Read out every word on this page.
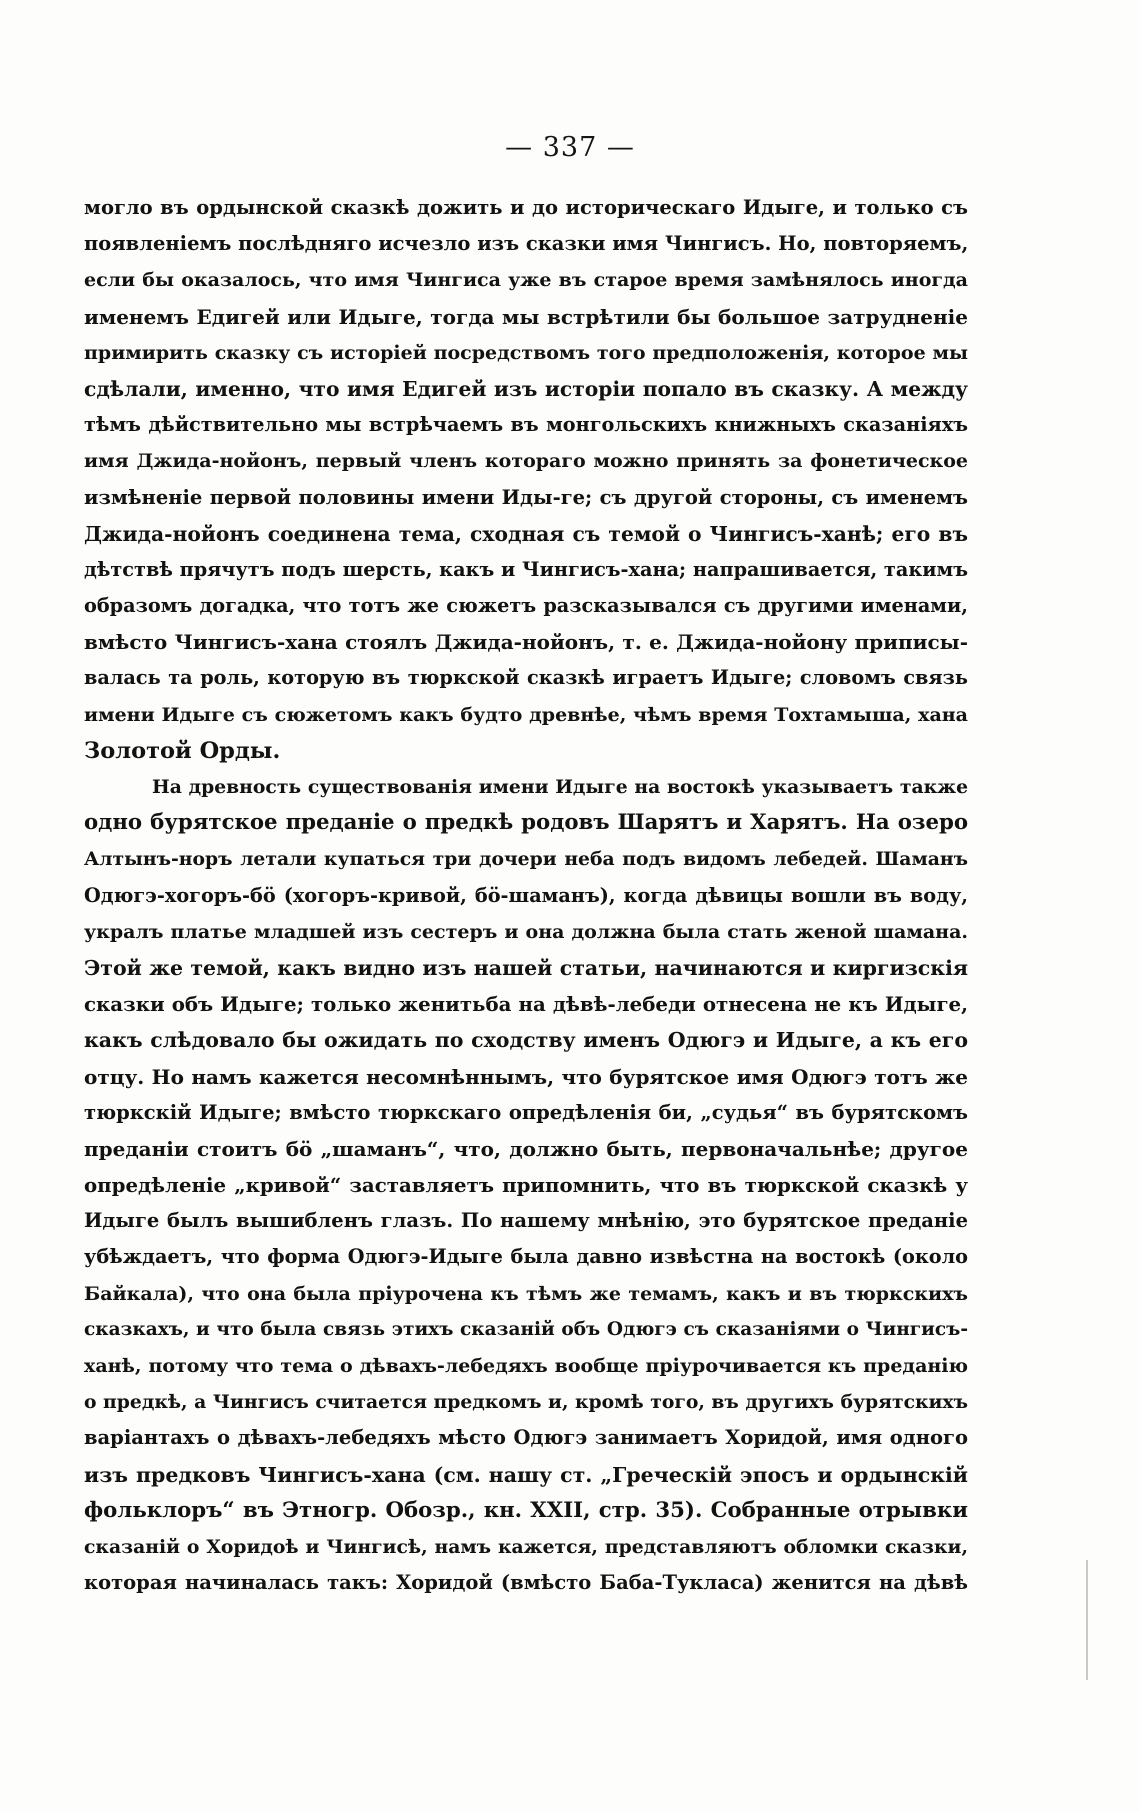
— 337 —
могло въ ордынской сказкѣ дожить и до историческаго Идыге, и только съ
появленіемъ послѣдняго исчезло изъ сказки имя Чингисъ. Но, повторяемъ,
если бы оказалось, что имя Чингиса уже въ старое время замѣнялось иногда
именемъ Едигей или Идыге, тогда мы встрѣтили бы большое затрудненіе
примирить сказку съ исторіей посредствомъ того предположенія, которое мы
сдѣлали, именно, что имя Едигей изъ исторіи попало въ сказку. А между
тѣмъ дѣйствительно мы встрѣчаемъ въ монгольскихъ книжныхъ сказаніяхъ
имя Джида-нойонъ, первый членъ котораго можно принять за фонетическое
измѣненіе первой половины имени Иды-ге; съ другой стороны, съ именемъ
Джида-нойонъ соединена тема, сходная съ темой о Чингисъ-ханѣ; его въ
дѣтствѣ прячутъ подъ шерсть, какъ и Чингисъ-хана; напрашивается, такимъ
образомъ догадка, что тотъ же сюжетъ разсказывался съ другими именами,
вмѣсто Чингисъ-хана стоялъ Джида-нойонъ, т. е. Джида-нойону приписы-
валась та роль, которую въ тюркской сказкѣ играетъ Идыге; словомъ связь
имени Идыге съ сюжетомъ какъ будто древнѣе, чѣмъ время Тохтамыша, хана
Золотой Орды.
На древность существованія имени Идыге на востокѣ указываетъ также
одно бурятское преданіе о предкѣ родовъ Шарятъ и Харятъ. На озеро
Алтынъ-норъ летали купаться три дочери неба подъ видомъ лебедей. Шаманъ
Одюгэ-хогоръ-бӧ (хогоръ-кривой, бӧ-шаманъ), когда дѣвицы вошли въ воду,
укралъ платье младшей изъ сестеръ и она должна была стать женой шамана.
Этой же темой, какъ видно изъ нашей статьи, начинаются и киргизскія
сказки объ Идыге; только женитьба на дѣвѣ-лебеди отнесена не къ Идыге,
какъ слѣдовало бы ожидать по сходству именъ Одюгэ и Идыге, а къ его
отцу. Но намъ кажется несомнѣннымъ, что бурятское имя Одюгэ тотъ же
тюркскій Идыге; вмѣсто тюркскаго опредѣленія би, „судья“ въ бурятскомъ
преданіи стоитъ бӧ „шаманъ“, что, должно быть, первоначальнѣе; другое
опредѣленіе „кривой“ заставляетъ припомнить, что въ тюркской сказкѣ у
Идыге былъ вышибленъ глазъ. По нашему мнѣнію, это бурятское преданіе
убѣждаетъ, что форма Одюгэ-Идыге была давно извѣстна на востокѣ (около
Байкала), что она была пріурочена къ тѣмъ же темамъ, какъ и въ тюркскихъ
сказкахъ, и что была связь этихъ сказаній объ Одюгэ съ сказаніями о Чингисъ-
ханѣ, потому что тема о дѣвахъ-лебедяхъ вообще пріурочивается къ преданію
о предкѣ, а Чингисъ считается предкомъ и, кромѣ того, въ другихъ бурятскихъ
варіантахъ о дѣвахъ-лебедяхъ мѣсто Одюгэ занимаетъ Хоридой, имя одного
изъ предковъ Чингисъ-хана (см. нашу ст. „Греческій эпосъ и ордынскій
фольклоръ“ въ Этногр. Обозр., кн. XXII, стр. 35). Собранные отрывки
сказаній о Хоридоѣ и Чингисѣ, намъ кажется, представляютъ обломки сказки,
которая начиналась такъ: Хоридой (вмѣсто Баба-Тукласа) женится на дѣвѣ
